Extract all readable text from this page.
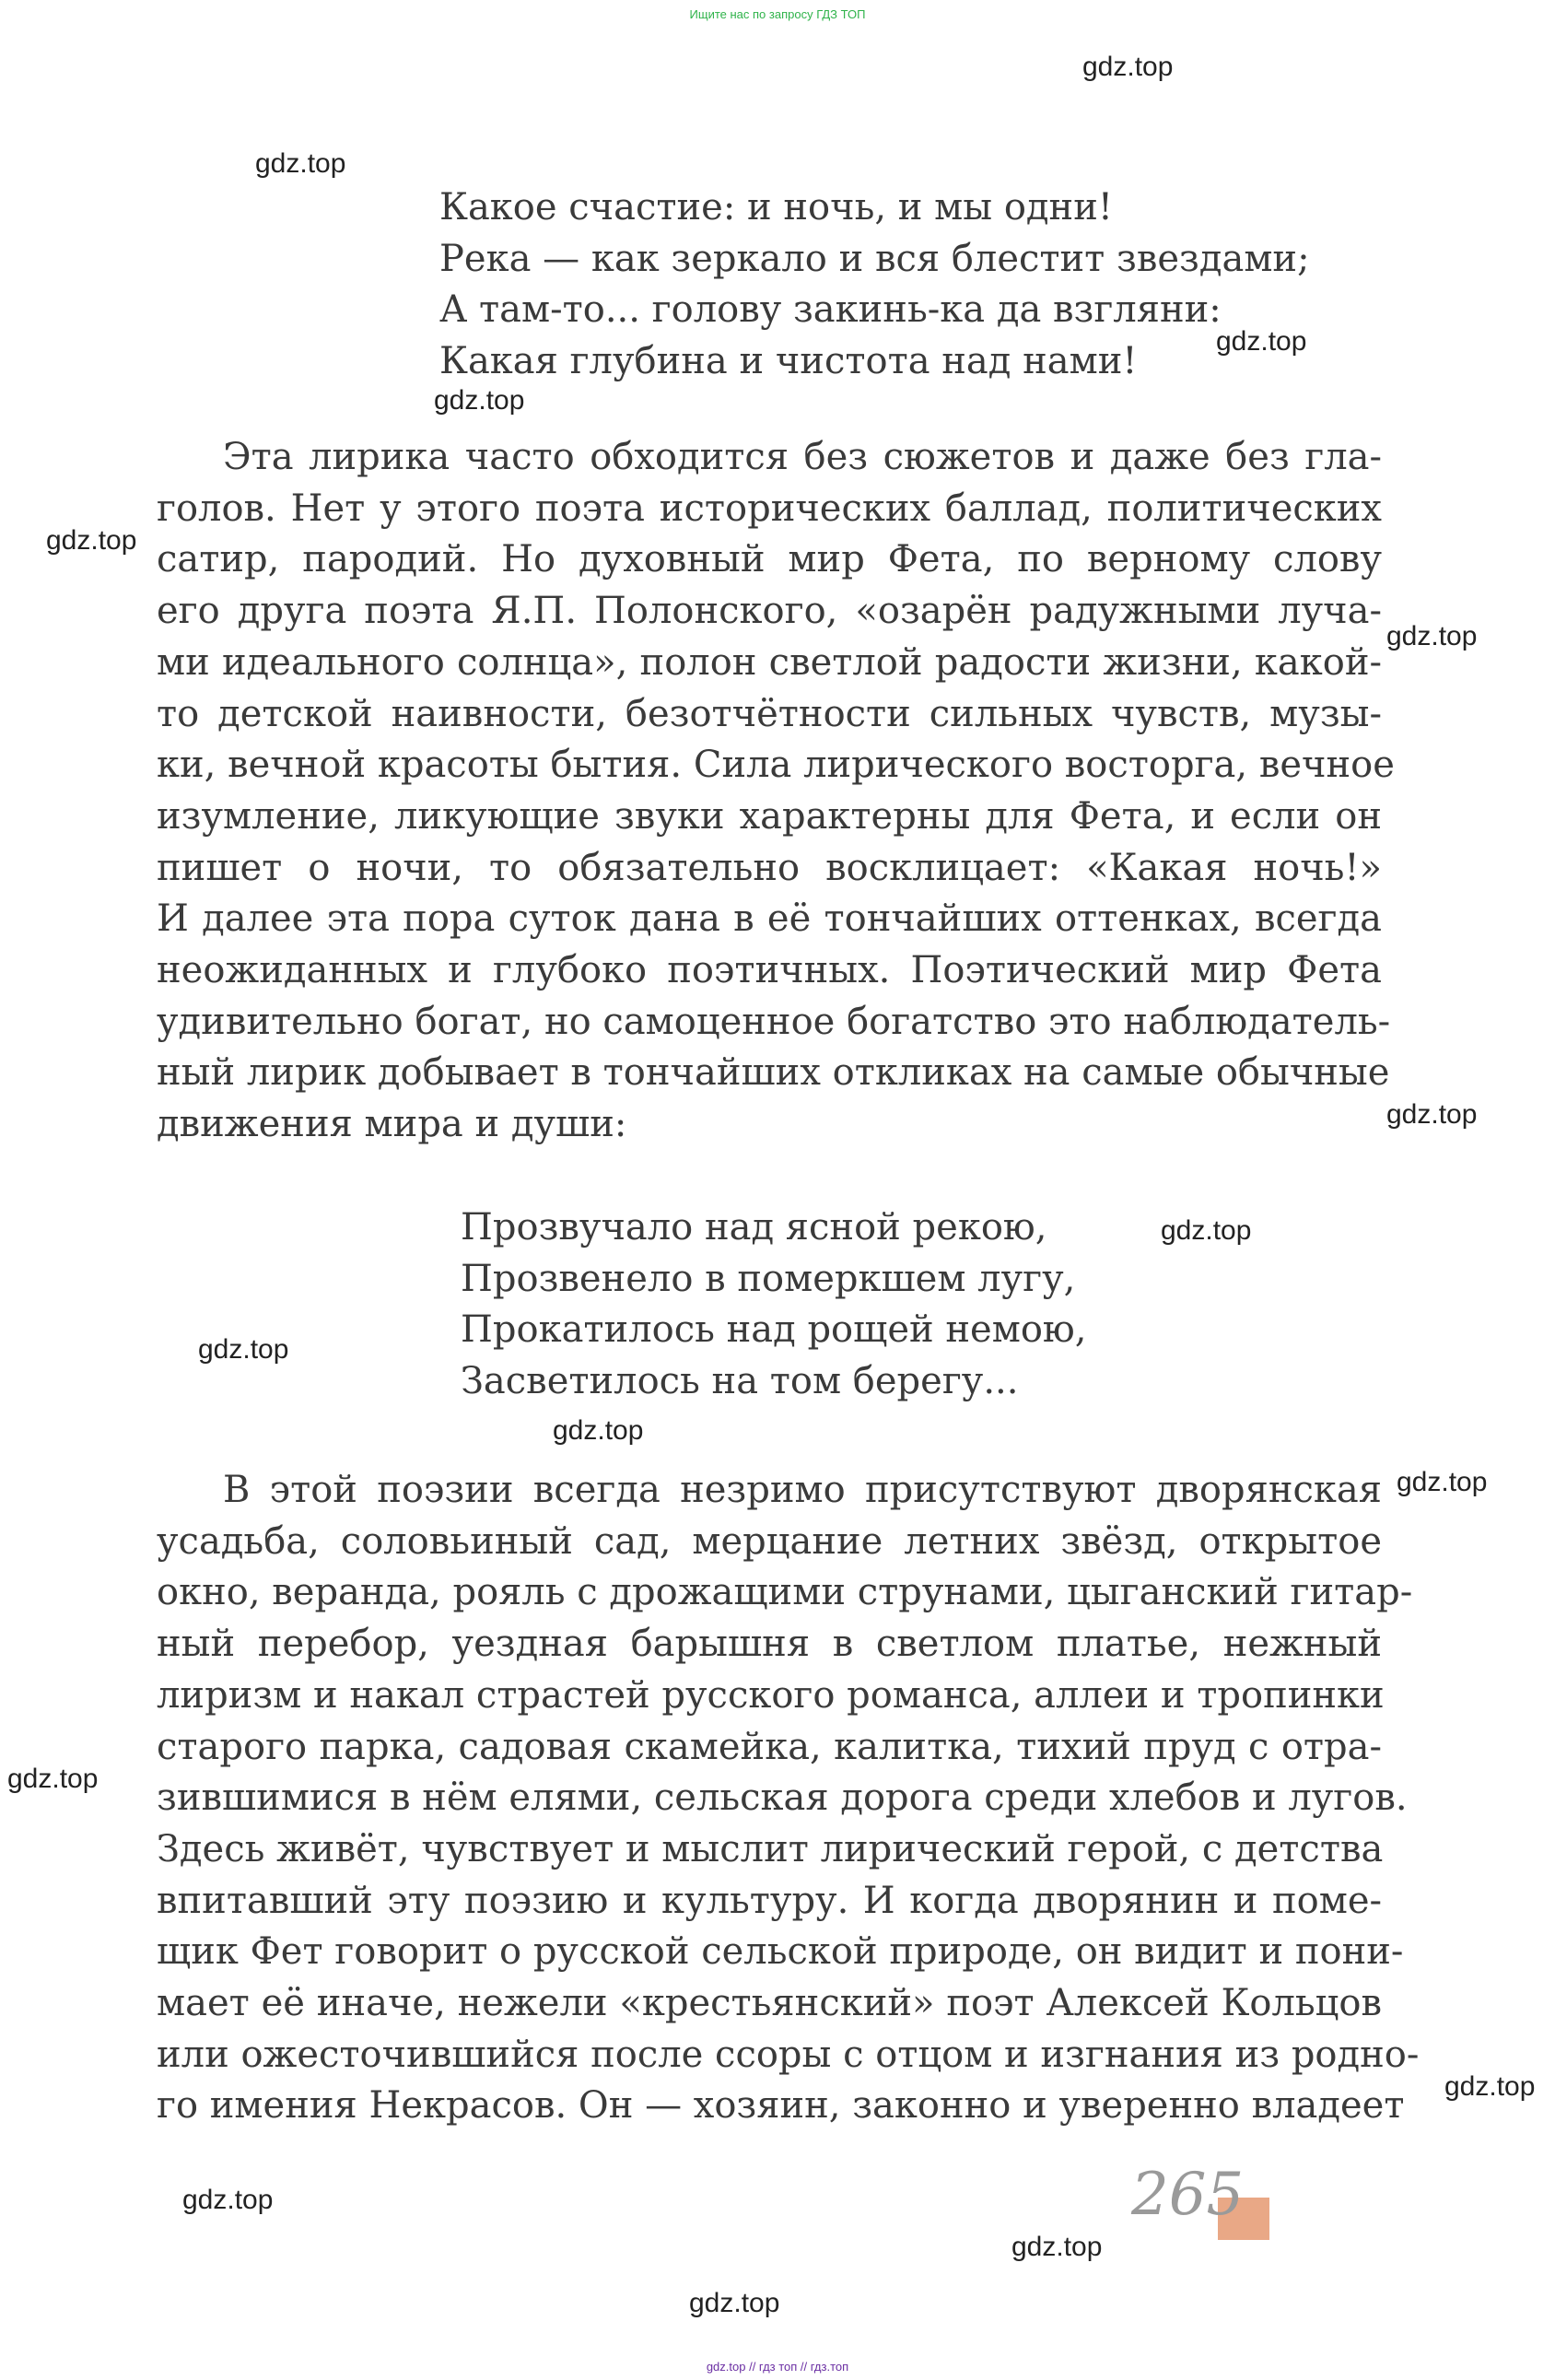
Ищите нас по запросу ГДЗ ТОП
gdz.top
gdz.top
gdz.top
gdz.top
gdz.top
gdz.top
gdz.top
gdz.top
gdz.top
gdz.top
gdz.top
gdz.top
gdz.top
gdz.top
gdz.top
gdz.top
Какое счастие: и ночь, и мы одни!
Река — как зеркало и вся блестит звездами;
А там-то... голову закинь-ка да взгляни:
Какая глубина и чистота над нами!
Эта лирика часто обходится без сюжетов и даже без гла-
голов. Нет у этого поэта исторических баллад, политических
сатир, пародий. Но духовный мир Фета, по верному слову
его друга поэта Я.П. Полонского, «озарён радужными луча-
ми идеального солнца», полон светлой радости жизни, какой-
то детской наивности, безотчётности сильных чувств, музы-
ки, вечной красоты бытия. Сила лирического восторга, вечное
изумление, ликующие звуки характерны для Фета, и если он
пишет о ночи, то обязательно восклицает: «Какая ночь!»
И далее эта пора суток дана в её тончайших оттенках, всегда
неожиданных и глубоко поэтичных. Поэтический мир Фета
удивительно богат, но самоценное богатство это наблюдатель-
ный лирик добывает в тончайших откликах на самые обычные
движения мира и души:
Прозвучало над ясной рекою,
Прозвенело в померкшем лугу,
Прокатилось над рощей немою,
Засветилось на том берегу...
В этой поэзии всегда незримо присутствуют дворянская
усадьба, соловьиный сад, мерцание летних звёзд, открытое
окно, веранда, рояль с дрожащими струнами, цыганский гитар-
ный перебор, уездная барышня в светлом платье, нежный
лиризм и накал страстей русского романса, аллеи и тропинки
старого парка, садовая скамейка, калитка, тихий пруд с отра-
зившимися в нём елями, сельская дорога среди хлебов и лугов.
Здесь живёт, чувствует и мыслит лирический герой, с детства
впитавший эту поэзию и культуру. И когда дворянин и поме-
щик Фет говорит о русской сельской природе, он видит и пони-
мает её иначе, нежели «крестьянский» поэт Алексей Кольцов
или ожесточившийся после ссоры с отцом и изгнания из родно-
го имения Некрасов. Он — хозяин, законно и уверенно владеет
265
gdz.top // гдз топ // гдз.топ
